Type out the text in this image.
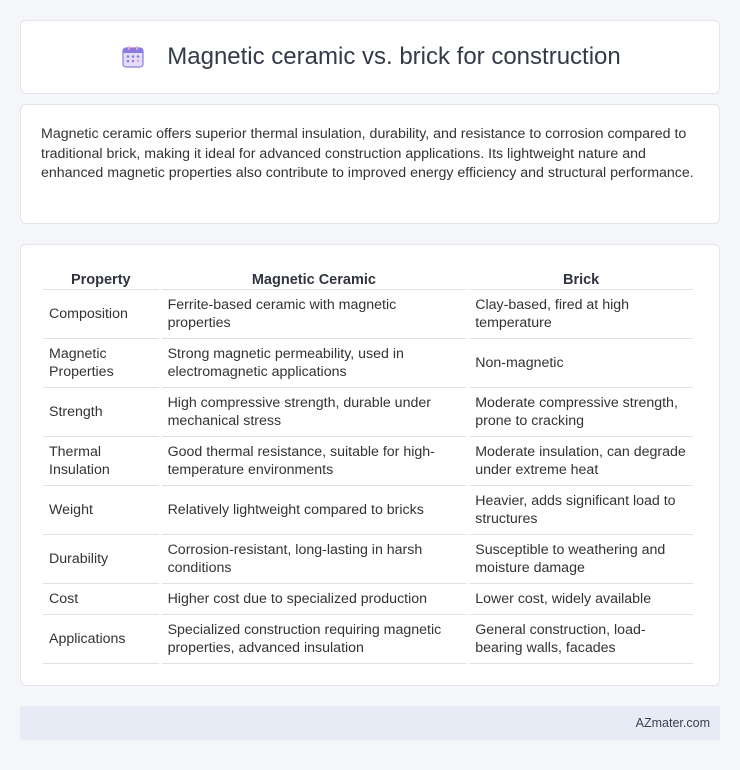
Magnetic ceramic vs. brick for construction

Magnetic ceramic offers superior thermal insulation, durability, and resistance to corrosion compared to traditional brick, making it ideal for advanced construction applications. Its lightweight nature and enhanced magnetic properties also contribute to improved energy efficiency and structural performance.

Property	Magnetic Ceramic	Brick
Composition	Ferrite-based ceramic with magnetic properties	Clay-based, fired at high temperature
Magnetic Properties	Strong magnetic permeability, used in electromagnetic applications	Non-magnetic
Strength	High compressive strength, durable under mechanical stress	Moderate compressive strength, prone to cracking
Thermal Insulation	Good thermal resistance, suitable for high-temperature environments	Moderate insulation, can degrade under extreme heat
Weight	Relatively lightweight compared to bricks	Heavier, adds significant load to structures
Durability	Corrosion-resistant, long-lasting in harsh conditions	Susceptible to weathering and moisture damage
Cost	Higher cost due to specialized production	Lower cost, widely available
Applications	Specialized construction requiring magnetic properties, advanced insulation	General construction, load-bearing walls, facades
AZmater.com
